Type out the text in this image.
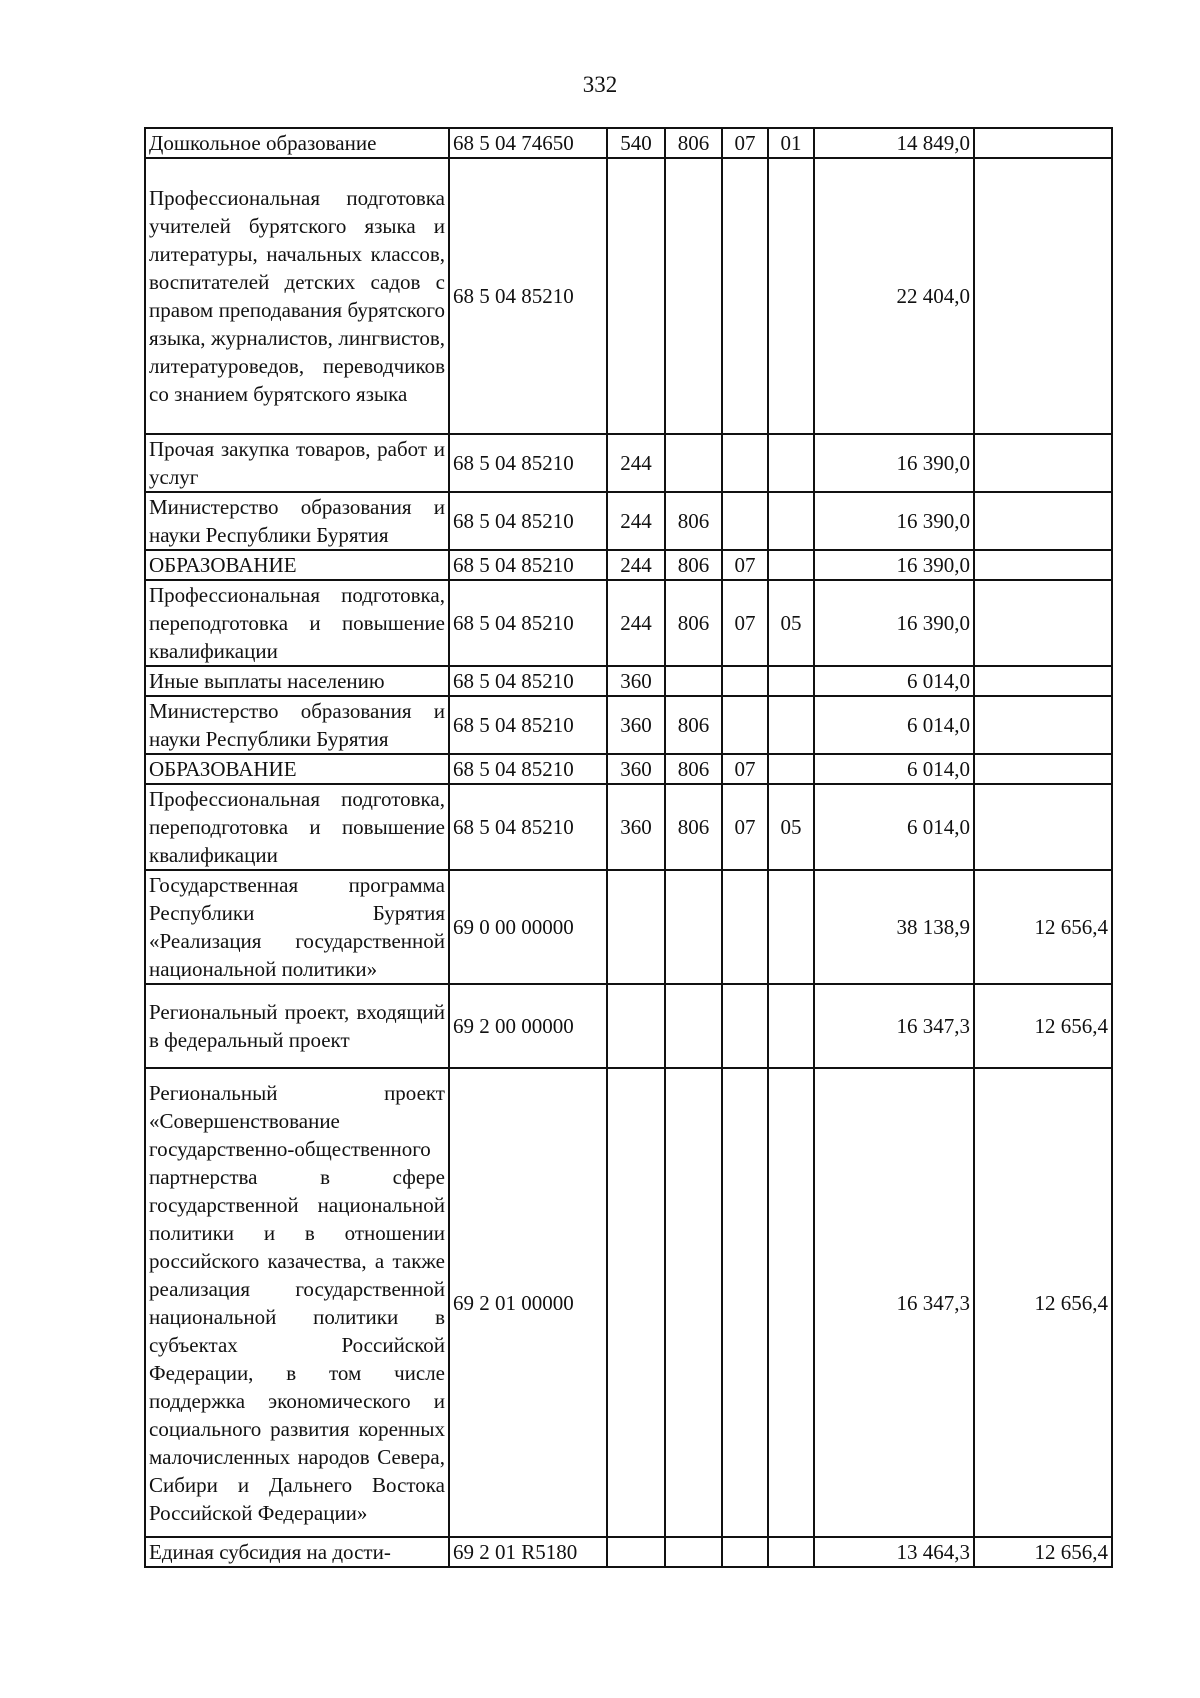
332
Дошкольное образование	68 5 04 74650	540	806	07	01	14 849,0	
Профессиональная подготовка учителей бурятского языка и литературы, начальных классов, воспитателей детских садов с правом преподавания бурятского языка, журналистов, лингвистов, литературоведов, переводчиков со знанием бурятского языка	68 5 04 85210					22 404,0	
Прочая закупка товаров, работ и услуг	68 5 04 85210	244				16 390,0	
Министерство образования и науки Республики Бурятия	68 5 04 85210	244	806			16 390,0	
ОБРАЗОВАНИЕ	68 5 04 85210	244	806	07		16 390,0	
Профессиональная подготовка, переподготовка и повышение квалификации	68 5 04 85210	244	806	07	05	16 390,0	
Иные выплаты населению	68 5 04 85210	360				6 014,0	
Министерство образования и науки Республики Бурятия	68 5 04 85210	360	806			6 014,0	
ОБРАЗОВАНИЕ	68 5 04 85210	360	806	07		6 014,0	
Профессиональная подготовка, переподготовка и повышение квалификации	68 5 04 85210	360	806	07	05	6 014,0	
Государственная программа Республики Бурятия «Реализация государственной национальной политики»	69 0 00 00000					38 138,9	12 656,4
Региональный проект, входящий в федеральный проект	69 2 00 00000					16 347,3	12 656,4
Региональный проект «Совершенствование государственно-общественного партнерства в сфере государственной национальной политики и в отношении российского казачества, а также реализация государственной национальной политики в субъектах Российской Федерации, в том числе поддержка экономического и социального развития коренных малочисленных народов Севера, Сибири и Дальнего Востока Российской Федерации»	69 2 01 00000					16 347,3	12 656,4
Единая субсидия на дости-	69 2 01 R5180					13 464,3	12 656,4
